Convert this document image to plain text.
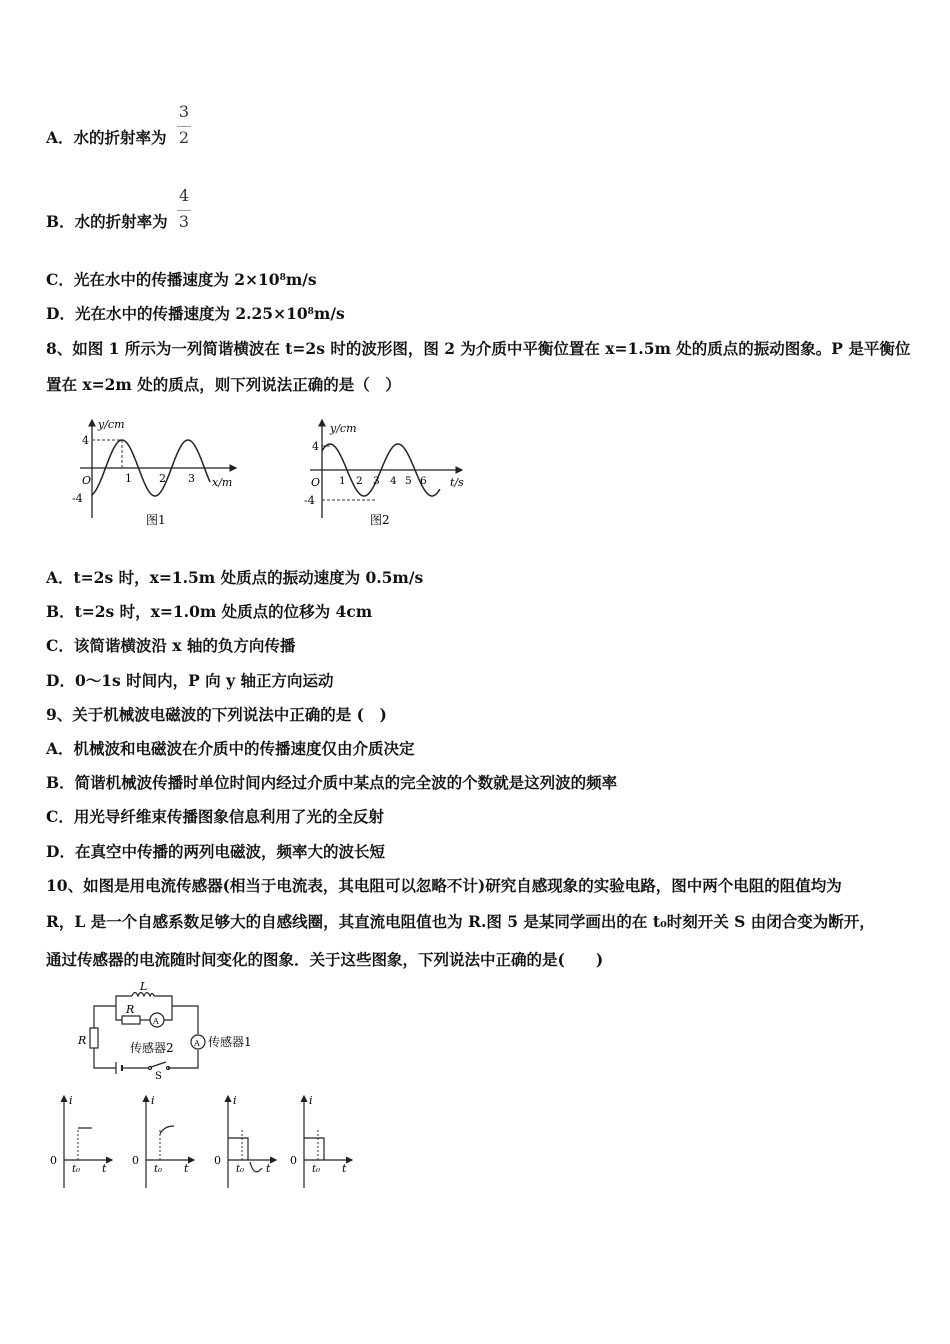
A．水的折射率为
3
2
B．水的折射率为
4
3
C．光在水中的传播速度为 $2\times 10^8m/s$
D．光在水中的传播速度为 $2.25\times 10^8m/s$
8、如图 1 所示为一列简谐横波在 t=2s 时的波形图，图 2 为介质中平衡位置在 x=1.5m 处的质点的振动图象。P 是平衡位
置在 x=2m 处的质点，则下列说法正确的是（　）
y/cm
4
-4
O	1 2 3 x/m
图1
y/cm
4
-4
O 1 2 3 4 5 6 t/s
图2
A．t=2s 时，x=1.5m 处质点的振动速度为 0.5m/s
B．t=2s 时，x=1.0m 处质点的位移为 4cm
C．该简谐横波沿 x 轴的负方向传播
D．0～1s 时间内，P 向 y 轴正方向运动
9、关于机械波电磁波的下列说法中正确的是 (　)
A．机械波和电磁波在介质中的传播速度仅由介质决定
B．简谐机械波传播时单位时间内经过介质中某点的完全波的个数就是这列波的频率
C．用光导纤维束传播图象信息利用了光的全反射
D．在真空中传播的两列电磁波，频率大的波长短
10、如图是用电流传感器(相当于电流表，其电阻可以忽略不计)研究自感现象的实验电路，图中两个电阻的阻值均为
R，L 是一个自感系数足够大的自感线圈，其直流电阻值也为 R.图 5 是某同学画出的在 t₀时刻开关 S 由闭合变为断开，
通过传感器的电流随时间变化的图象．关于这些图象，下列说法中正确的是(　　)
L
R
R
A
A
传感器2	传感器1
S
i
0
t₀ t
i
0
t₀ t
i
0
t₀ t
i
0
t₀ t
